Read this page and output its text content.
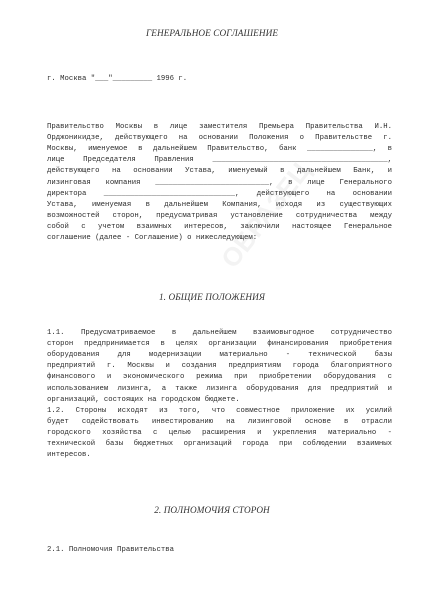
ГЕНЕРАЛЬНОЕ СОГЛАШЕНИЕ
г. Москва "___"_________ 1996 г.
Правительство Москвы в лице заместителя Премьера Правительства И.Н.
Орджоникидзе, действующего на основании Положения о Правительстве г.
Москвы, именуемое в дальнейшем Правительство, банк _______________, в
лице Председателя Правления ________________________________________,
действующего на основании Устава, именуемый в дальнейшем Банк, и
лизинговая компания __________________________, в лице Генерального
директора ______________________________, действующего на основании
Устава, именуемая в дальнейшем Компания, исходя из существующих
возможностей сторон, предусматривая установление сотрудничества между
собой с учетом взаимных интересов, заключили настоящее Генеральное
соглашение (далее - Соглашение) о нижеследующем:
1. ОБЩИЕ ПОЛОЖЕНИЯ
1.1. Предусматриваемое в дальнейшем взаимовыгодное сотрудничество
сторон предпринимается в целях организации финансирования приобретения
оборудования для модернизации материально - технической базы
предприятий г. Москвы и создания предприятиям города благоприятного
финансового и экономического режима при приобретении оборудования с
использованием лизинга, а также лизинга оборудования для предприятий и
организаций, состоящих на городском бюджете.
1.2. Стороны исходят из того, что совместное приложение их усилий
будет содействовать инвестированию на лизинговой основе в отрасли
городского хозяйства с целью расширения и укрепления материально -
технической базы бюджетных организаций города при соблюдении взаимных
интересов.
2. ПОЛНОМОЧИЯ СТОРОН
2.1. Полномочия Правительства
ОБРАЗЕЦ
